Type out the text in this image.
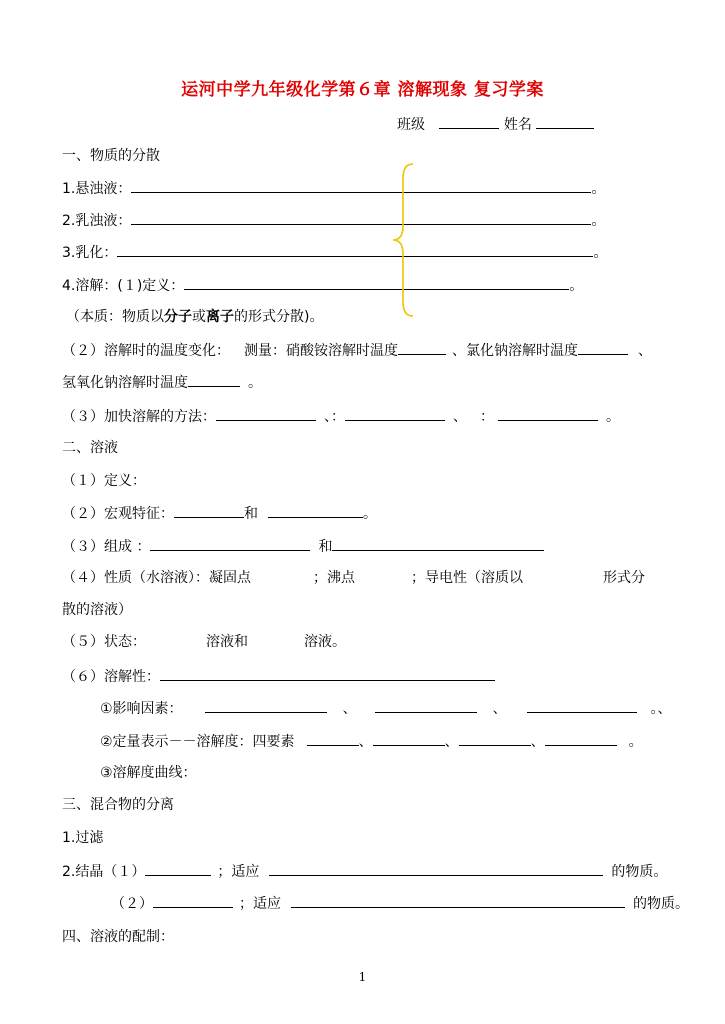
运河中学九年级化学第６章 溶解现象 复习学案
班级	姓名
一、物质的分散
1.悬浊液：	。
2.乳浊液：	。
3.乳化：	。
4.溶解：(１)定义：	。
（本质：物质以分子或离子的形式分散)。
（２）溶解时的温度变化： 测量：硝酸铵溶解时温度	、氯化钠溶解时温度	、
氢氧化钠溶解时温度	。
（３）加快溶解的方法：	、：	、 ：	。
二、溶液
（１）定义：
（２）宏观特征：	和	。
（３）组成 ：	和
（４）性质（水溶液）：凝固点	；沸点	；导电性（溶质以	形式分
散的溶液）
（５）状态：	溶液和	溶液。
（６）溶解性：
①影响因素：	、	、	。、
②定量表示－－溶解度：四要素	、	、	、	。
③溶解度曲线：
三、混合物的分离
1.过滤
2.结晶（１）	；适应	的物质。
（２）	；适应	的物质。
四、溶液的配制：
1
